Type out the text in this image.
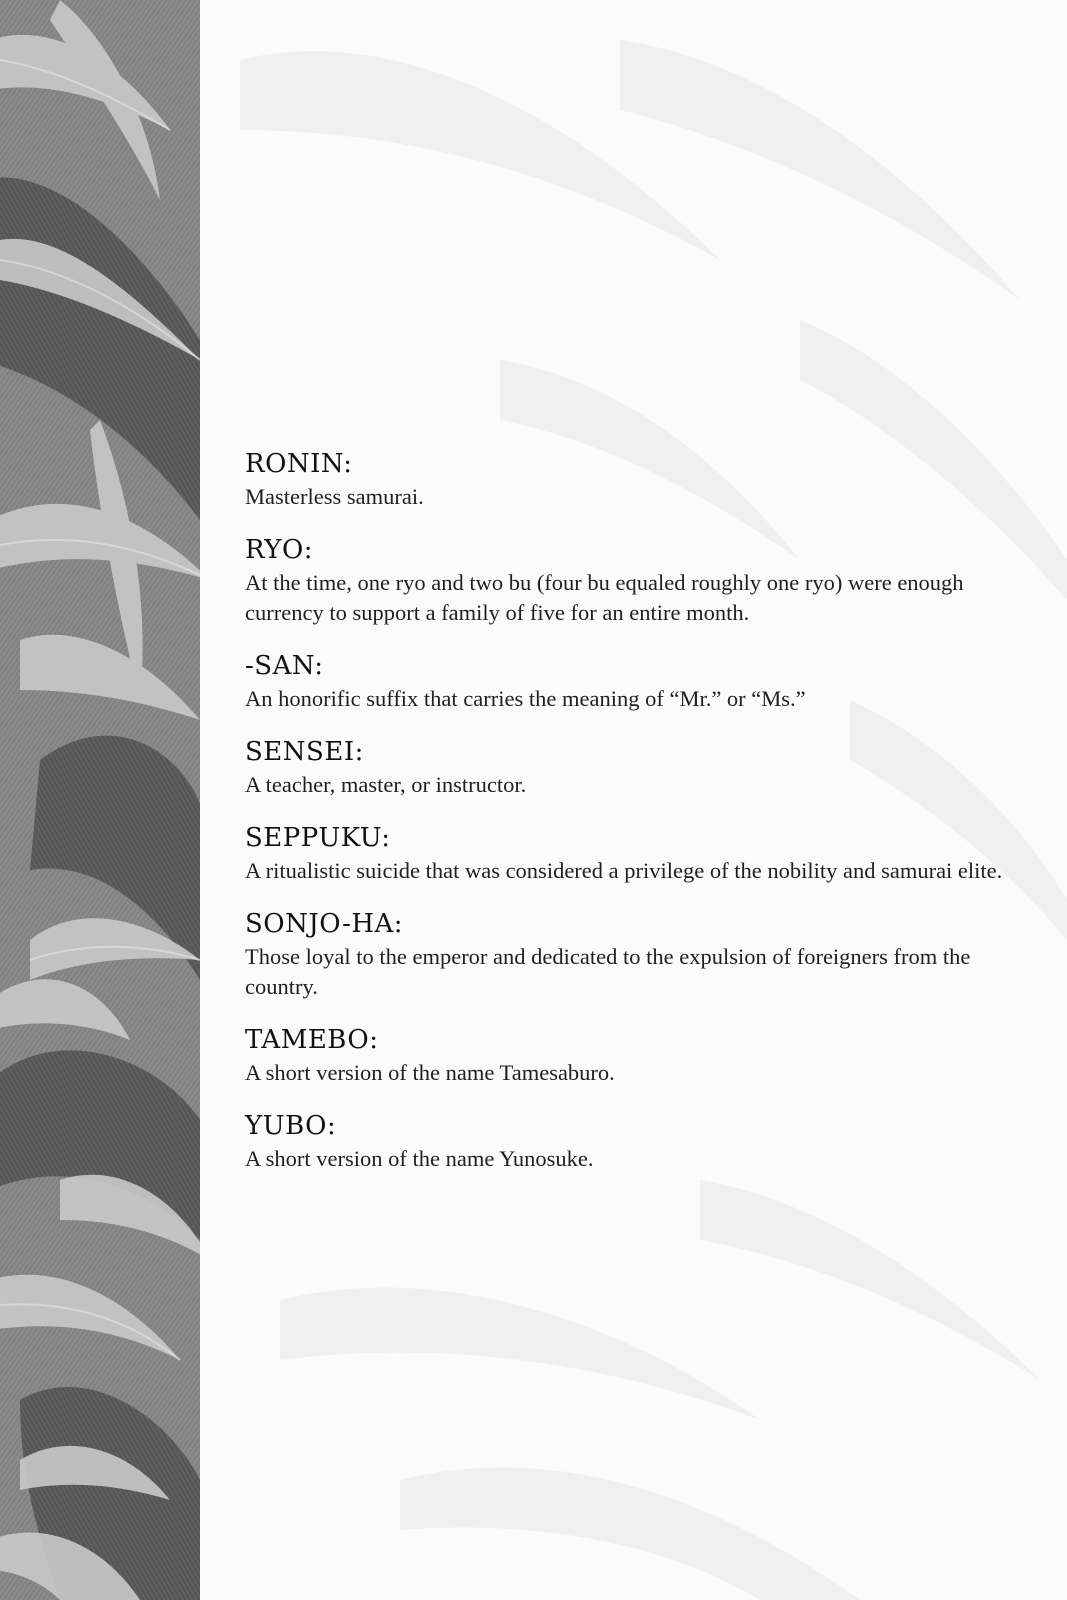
RONIN:

Masterless samurai.

RYO:

At the time, one ryo and two bu (four bu equaled roughly one ryo) were enough currency to support a family of five for an entire month.

-SAN:

An honorific suffix that carries the meaning of “Mr.” or “Ms.”

SENSEI:

A teacher, master, or instructor.

SEPPUKU:

A ritualistic suicide that was considered a privilege of the nobility and samurai elite.

SONJO-HA:

Those loyal to the emperor and dedicated to the expulsion of foreigners from the country.

TAMEBO:

A short version of the name Tamesaburo.

YUBO:

A short version of the name Yunosuke.
